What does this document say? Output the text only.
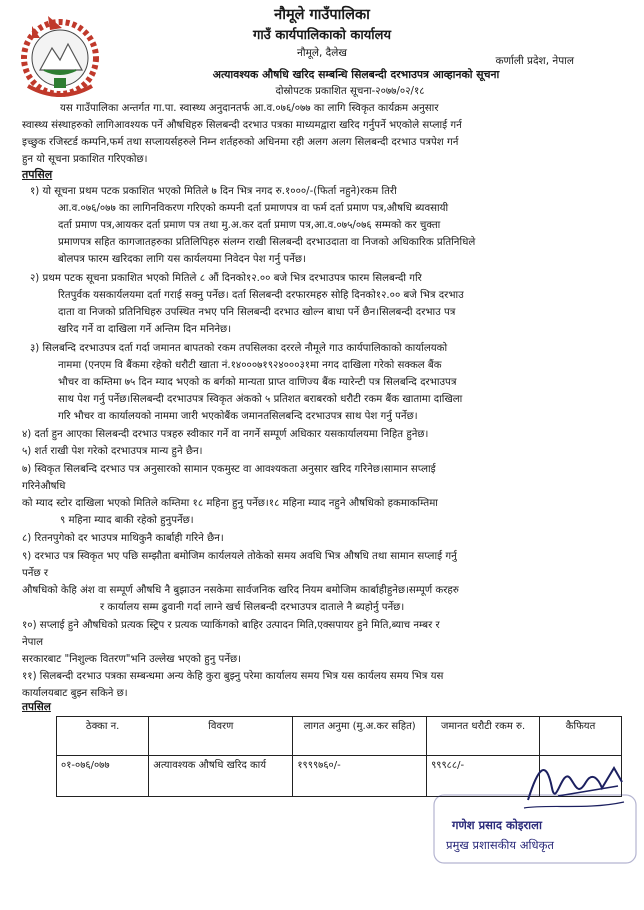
नौमूले गाउँपालिका
गाउँ कार्यपालिकाको कार्यालय
नौमूले, दैलेख
कर्णाली प्रदेश, नेपाल
अत्यावश्यक औषधि खरिद सम्बन्धि सिलबन्दी दरभाउपत्र आव्हानको सूचना
दोस्रोपटक प्रकाशित सूचना-२०७७/०२/१८
यस गाउँपालिका अन्तर्गत गा.पा. स्वास्थ्य अनुदानतर्फ आ.व.०७६/०७७ का लागि स्विकृत कार्यक्रम अनुसार
स्वास्थ्य संस्थाहरुको लागिआवश्यक पर्ने औषधिहरु सिलबन्दी दरभाउ पत्रका माध्यमद्वारा खरिद गर्नुपर्ने भएकोले सप्लाई गर्न
इच्छुक रजिस्टर्ड कम्पनि,फर्म तथा सप्लायर्सहरुले निम्न शर्तहरुको अधिनमा रही अलग अलग सिलबन्दी दरभाउ पत्रपेश गर्न
हुन यो सूचना प्रकाशित गरिएकोछ।
तपसिल
१) यो सूचना प्रथम पटक प्रकाशित भएको मितिले ७ दिन भित्र नगद रु.१०००/-(फिर्ता नहुने)रकम तिरी
आ.व.०७६/०७७ का लागिनविकरण गरिएको कम्पनी दर्ता प्रमाणपत्र वा फर्म दर्ता प्रमाण पत्र,औषधि ब्यवसायी
दर्ता प्रमाण पत्र,आयकर दर्ता प्रमाण पत्र तथा मु.अ.कर दर्ता प्रमाण पत्र,आ.व.०७५/०७६ सम्मको कर चुक्ता
प्रमाणपत्र सहित कागजातहरुका प्रतिलिपिहरु संलग्न राखी सिलबन्दी दरभाउदाता वा निजको अधिकारिक प्रतिनिधिले
बोलपत्र फारम खरिदका लागि यस कार्यलयमा निवेदन पेश गर्नु पर्नेछ।
२) प्रथम पटक सूचना प्रकाशित भएको मितिले ८ औं दिनको१२.०० बजे भित्र दरभाउपत्र फारम सिलबन्दी गरि
रितपुर्वक यसकार्यलयमा दर्ता गराई सक्नु पर्नेछ। दर्ता सिलबन्दी दरफारमहरु सोहि दिनको१२.०० बजे भित्र दरभाउ
दाता वा निजको प्रतिनिधिहरु उपस्थित नभए पनि सिलबन्दी दरभाउ खोल्न बाधा पर्ने छैन।सिलबन्दी दरभाउ पत्र
खरिद गर्ने वा दाखिला गर्ने अन्तिम दिन मनिनेछ।
३) सिलबन्दि दरभाउपत्र दर्ता गर्दा जमानत बापतको रकम तपसिलका दररले नौमूले गाउ कार्यपालिकाको कार्यालयको
नाममा (एनएम वि बैंकमा रहेको धरौटी खाता नं.१४०००७१९२४०००३१मा नगद दाखिला गरेको सक्कल बैंक
भौचर वा कम्तिमा ७५ दिन म्याद भएको क बर्गको मान्यता प्राप्त वाणिज्य बैंक ग्यारेन्टी पत्र सिलबन्दि दरभाउपत्र
साथ पेश गर्नु पर्नेछ।सिलबन्दी दरभाउपत्र स्विकृत अंकको ५ प्रतिशत बराबरको धरौटी रकम बैंक खातामा दाखिला
गरि भौचर वा कार्यालयको नाममा जारी भएकोबैंक जमानतसिलबन्दि दरभाउपत्र साथ पेश गर्नु पर्नेछ।
४) दर्ता हुन आएका सिलबन्दी दरभाउ पत्रहरु स्वीकार गर्ने वा नगर्ने सम्पूर्ण अधिकार यसकार्यालयमा निहित हुनेछ।
५) शर्त राखी पेश गरेको दरभाउपत्र मान्य हुने छैन।
७) स्विकृत सिलबन्दि दरभाउ पत्र अनुसारको सामान एकमुस्ट वा आवश्यकता अनुसार खरिद गरिनेछ।सामान सप्लाई
गरिनेऔषधि
को म्याद स्टोर दाखिला भएको मितिले कम्तिमा १८ महिना हुनु पर्नेछ।१८ महिना म्याद नहुने औषधिको हकमाकम्तिमा
९ महिना म्याद बाकी रहेको हुनुपर्नेछ।
८) रितनपुगेको दर भाउपत्र माथिकुनै कार्बाही गरिने छैन।
९) दरभाउ पत्र स्विकृत भए पछि सम्झौता बमोजिम कार्यलयले तोकेको समय अवधि भित्र औषधि तथा सामान सप्लाई गर्नु
पर्नेछ र
औषधिको केहि अंश वा सम्पूर्ण औषधि नै बुझाउन नसकेमा सार्वजनिक खरिद नियम बमोजिम कार्बाहीहुनेछ।सम्पूर्ण करहरु
र कार्यालय सम्म ढुवानी गर्दा लाग्ने खर्च सिलबन्दी दरभाउपत्र दाताले नै ब्यहोर्नु पर्नेछ।
१०) सप्लाई हुने औषधिको प्रत्यक स्ट्रिप र प्रत्यक प्याकिंगको बाहिर उत्पादन मिति,एक्सपायर हुने मिति,ब्याच नम्बर र
नेपाल
सरकारबाट "निशुल्क वितरण"भनि उल्लेख भएको हुनु पर्नेछ।
११) सिलबन्दी दरभाउ पत्रका सम्बन्धमा अन्य केहि कुरा बुझ्नु परेमा कार्यालय समय भित्र यस कार्यलय समय भित्र यस
कार्यालयबाट बुझ्न सकिने छ।
तपसिल
ठेक्का न.	विवरण	लागत अनुमा (मु.अ.कर सहित)	जमानत धरौटी रकम रु.	कैफियत
०१-०७६/०७७	अत्यावश्यक औषधि खरिद कार्य	१९९९७६०/-	९९९८८/-	
गणेश प्रसाद कोइराला
प्रमुख प्रशासकीय अधिकृत
